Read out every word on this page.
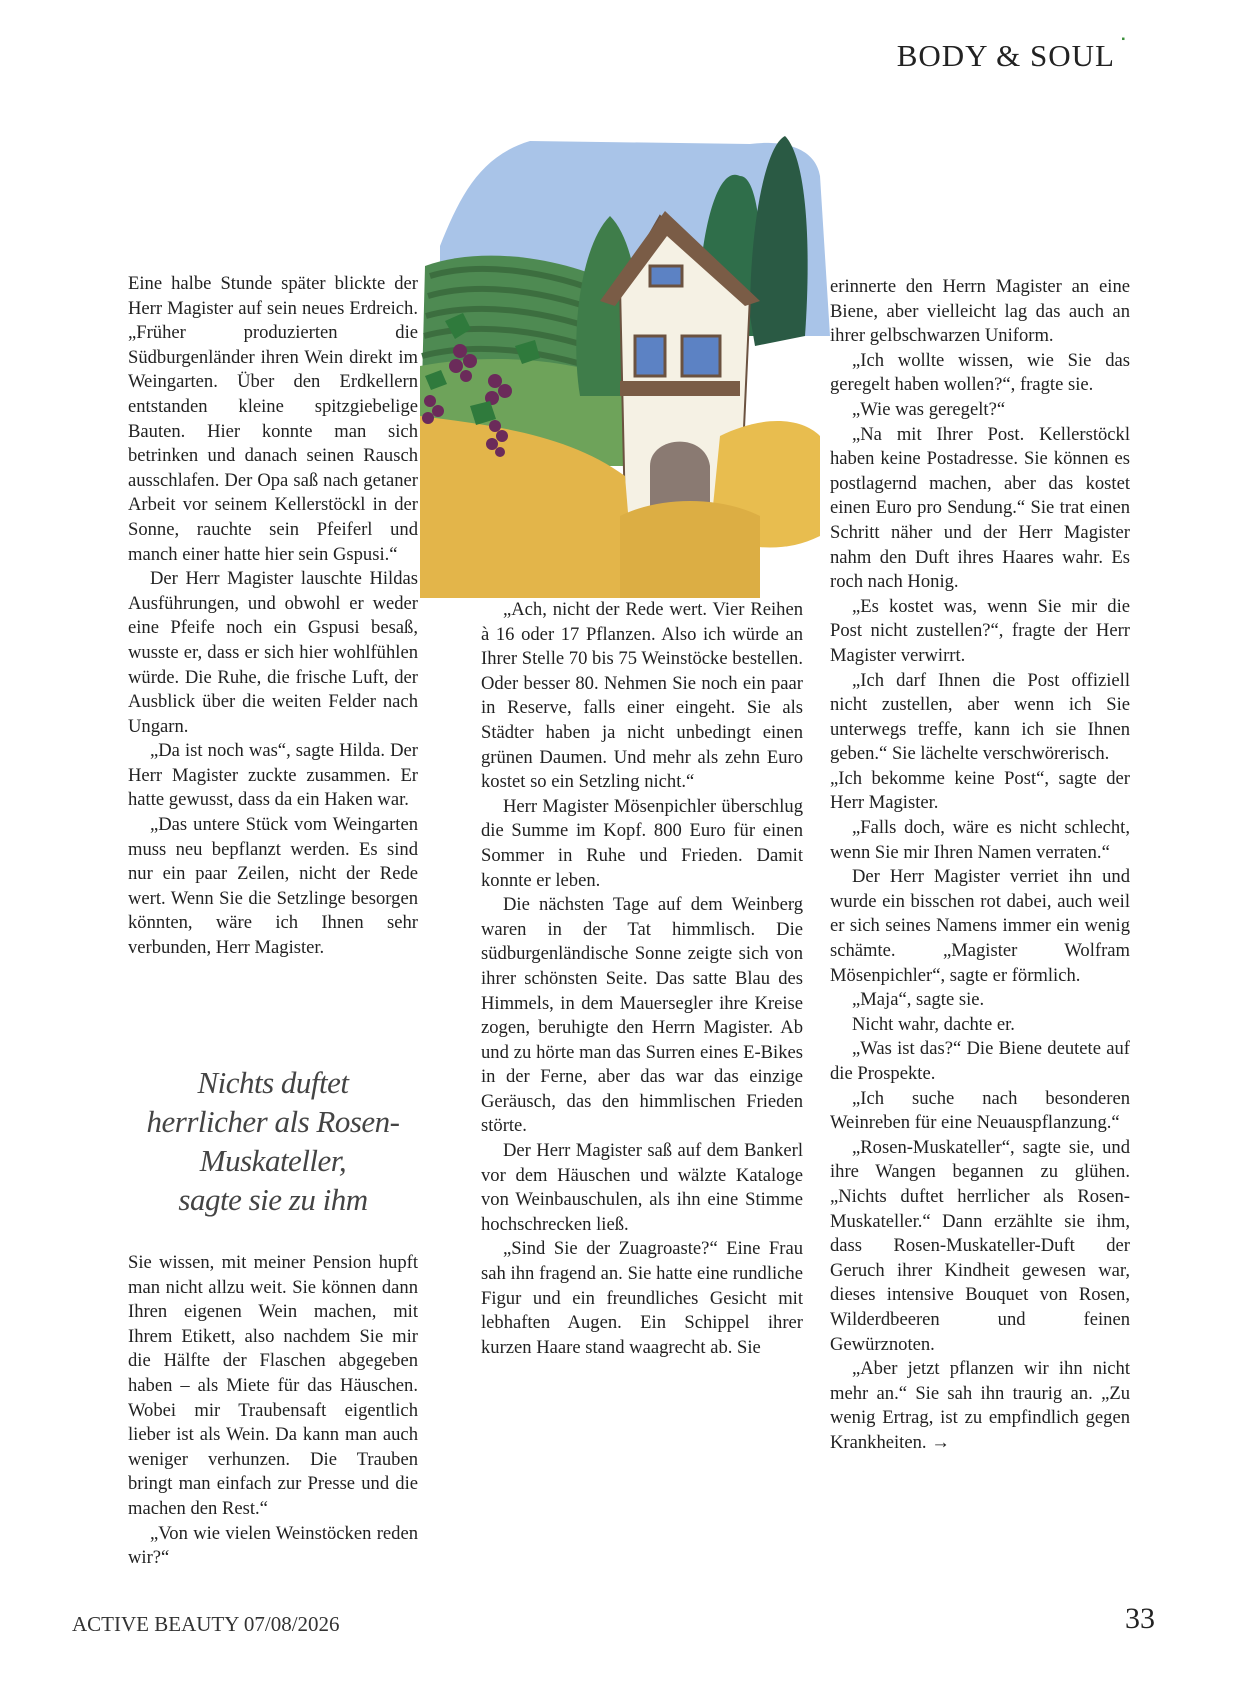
BODY & SOUL ▪

Eine halbe Stunde später blickte der Herr Magister auf sein neues Erdreich. „Früher produzierten die Südburgenländer ihren Wein direkt im Weingarten. Über den Erdkellern entstanden kleine spitzgiebelige Bauten. Hier konnte man sich betrinken und danach seinen Rausch ausschlafen. Der Opa saß nach getaner Arbeit vor seinem Kellerstöckl in der Sonne, rauchte sein Pfeiferl und manch einer hatte hier sein Gspusi.“

Der Herr Magister lauschte Hildas Ausführungen, und obwohl er weder eine Pfeife noch ein Gspusi besaß, wusste er, dass er sich hier wohlfühlen würde. Die Ruhe, die frische Luft, der Ausblick über die weiten Felder nach Ungarn.

„Da ist noch was“, sagte Hilda. Der Herr Magister zuckte zusammen. Er hatte gewusst, dass da ein Haken war.

„Das untere Stück vom Weingarten muss neu bepflanzt werden. Es sind nur ein paar Zeilen, nicht der Rede wert. Wenn Sie die Setzlinge besorgen könnten, wäre ich Ihnen sehr verbunden, Herr Magister.

Nichts duftet
herrlicher als Rosen-
Muskateller,
sagte sie zu ihm

Sie wissen, mit meiner Pension hupft man nicht allzu weit. Sie können dann Ihren eigenen Wein machen, mit Ihrem Etikett, also nachdem Sie mir die Hälfte der Flaschen abgegeben haben – als Miete für das Häuschen. Wobei mir Traubensaft eigentlich lieber ist als Wein. Da kann man auch weniger verhunzen. Die Trauben bringt man einfach zur Presse und die machen den Rest.“

„Von wie vielen Weinstöcken reden wir?“

„Ach, nicht der Rede wert. Vier Reihen à 16 oder 17 Pflanzen. Also ich würde an Ihrer Stelle 70 bis 75 Weinstöcke bestellen. Oder besser 80. Nehmen Sie noch ein paar in Reserve, falls einer eingeht. Sie als Städter haben ja nicht unbedingt einen grünen Daumen. Und mehr als zehn Euro kostet so ein Setzling nicht.“

Herr Magister Mösenpichler überschlug die Summe im Kopf. 800 Euro für einen Sommer in Ruhe und Frieden. Damit konnte er leben.

Die nächsten Tage auf dem Weinberg waren in der Tat himmlisch. Die südburgenländische Sonne zeigte sich von ihrer schönsten Seite. Das satte Blau des Himmels, in dem Mauersegler ihre Kreise zogen, beruhigte den Herrn Magister. Ab und zu hörte man das Surren eines E-Bikes in der Ferne, aber das war das einzige Geräusch, das den himmlischen Frieden störte.

Der Herr Magister saß auf dem Bankerl vor dem Häuschen und wälzte Kataloge von Weinbauschulen, als ihn eine Stimme hochschrecken ließ.

„Sind Sie der Zuagroaste?“ Eine Frau sah ihn fragend an. Sie hatte eine rundliche Figur und ein freundliches Gesicht mit lebhaften Augen. Ein Schippel ihrer kurzen Haare stand waagrecht ab. Sie

erinnerte den Herrn Magister an eine Biene, aber vielleicht lag das auch an ihrer gelbschwarzen Uniform.

„Ich wollte wissen, wie Sie das geregelt haben wollen?“, fragte sie.

„Wie was geregelt?“

„Na mit Ihrer Post. Kellerstöckl haben keine Postadresse. Sie können es postlagernd machen, aber das kostet einen Euro pro Sendung.“ Sie trat einen Schritt näher und der Herr Magister nahm den Duft ihres Haares wahr. Es roch nach Honig.

„Es kostet was, wenn Sie mir die Post nicht zustellen?“, fragte der Herr Magister verwirrt.

„Ich darf Ihnen die Post offiziell nicht zustellen, aber wenn ich Sie unterwegs treffe, kann ich sie Ihnen geben.“ Sie lächelte verschwörerisch.

„Ich bekomme keine Post“, sagte der Herr Magister.

„Falls doch, wäre es nicht schlecht, wenn Sie mir Ihren Namen verraten.“

Der Herr Magister verriet ihn und wurde ein bisschen rot dabei, auch weil er sich seines Namens immer ein wenig schämte. „Magister Wolfram Mösenpichler“, sagte er förmlich.

„Maja“, sagte sie.

Nicht wahr, dachte er.

„Was ist das?“ Die Biene deutete auf die Prospekte.

„Ich suche nach besonderen Weinreben für eine Neuauspflanzung.“

„Rosen-Muskateller“, sagte sie, und ihre Wangen begannen zu glühen. „Nichts duftet herrlicher als Rosen-Muskateller.“ Dann erzählte sie ihm, dass Rosen-Muskateller-Duft der Geruch ihrer Kindheit gewesen war, dieses intensive Bouquet von Rosen, Wilderdbeeren und feinen Gewürznoten.

„Aber jetzt pflanzen wir ihn nicht mehr an.“ Sie sah ihn traurig an. „Zu wenig Ertrag, ist zu empfindlich gegen Krankheiten. →

ACTIVE BEAUTY 07/08/2026	33
